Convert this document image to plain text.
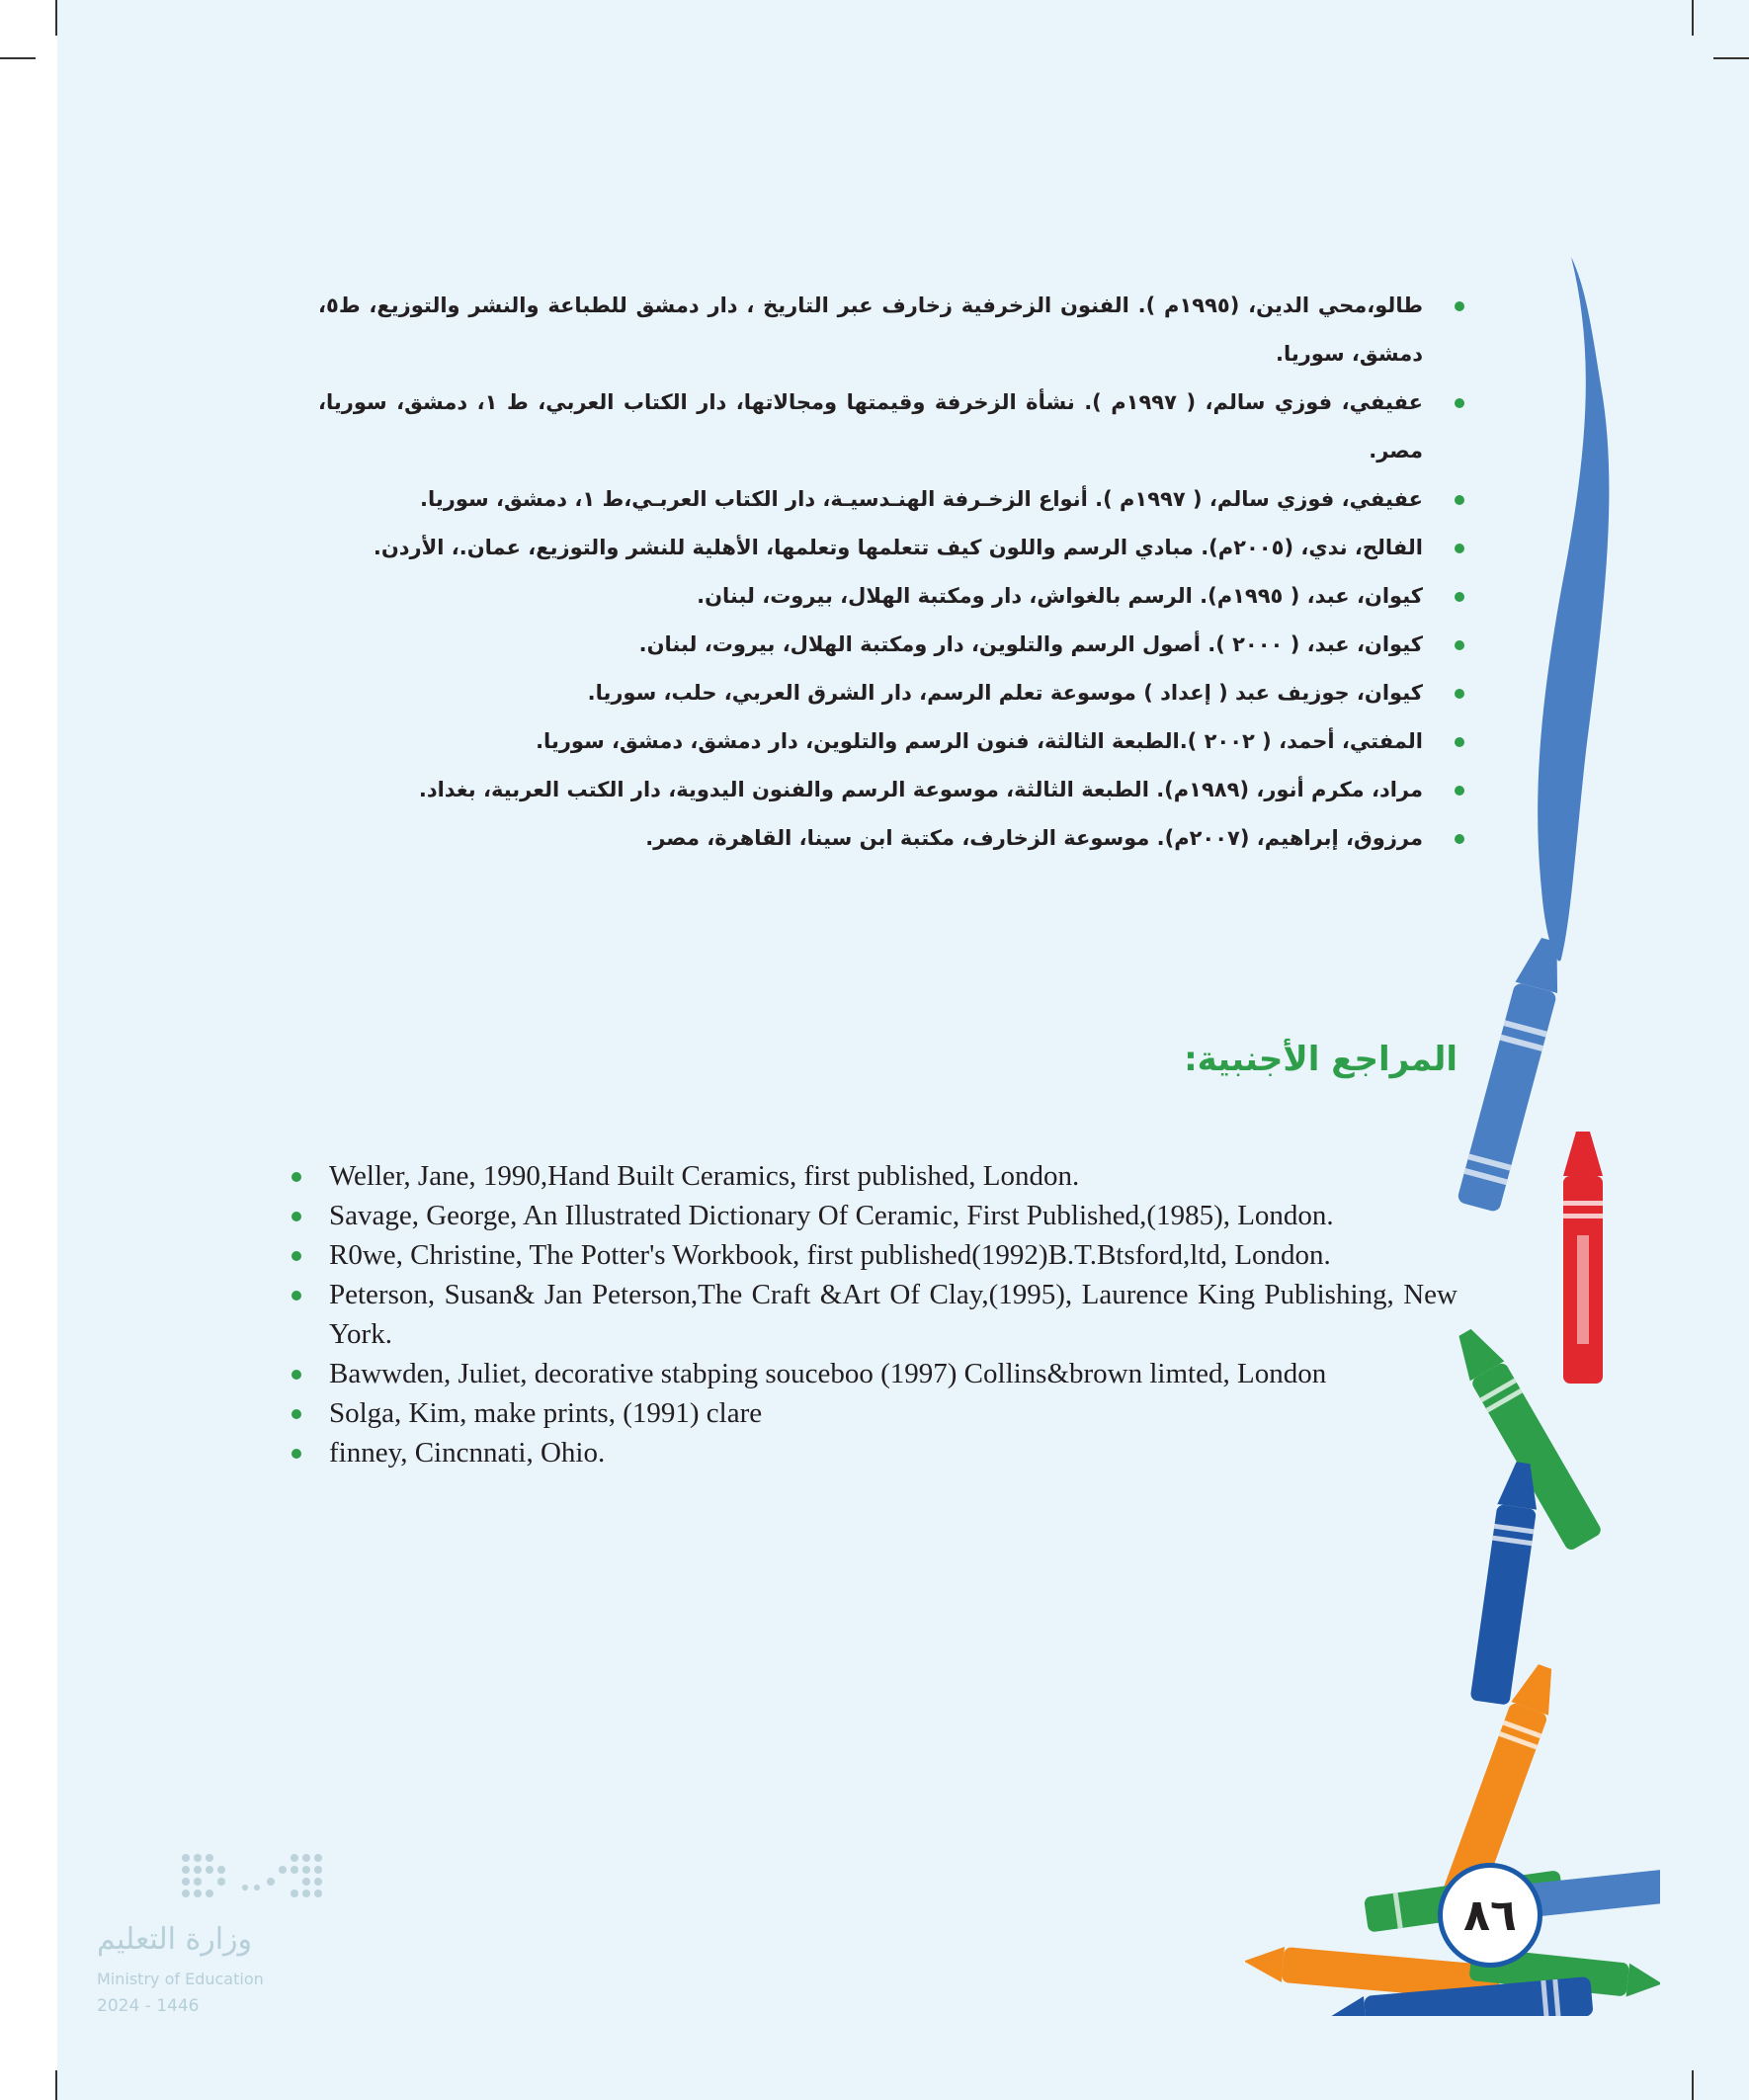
طالو،محي الدين، (١٩٩٥م ). الفنون الزخرفية زخارف عبر التاريخ ، دار دمشق للطباعة والنشر والتوزيع، ط٥، دمشق، سوريا.
عفيفي، فوزي سالم، ( ١٩٩٧م ). نشأة الزخرفة وقيمتها ومجالاتها، دار الكتاب العربي، ط ١، دمشق، سوريا، مصر.
عفيفي، فوزي سالم، ( ١٩٩٧م ). أنواع الزخـرفة الهنـدسيـة، دار الكتاب العربـي،ط ١، دمشق، سوريا.
الفالح، ندي، (٢٠٠٥م). مبادي الرسم واللون كيف تتعلمها وتعلمها، الأهلية للنشر والتوزيع، عمان.، الأردن.
كيوان، عبد، ( ١٩٩٥م). الرسم بالغواش، دار ومكتبة الهلال، بيروت، لبنان.
كيوان، عبد، ( ٢٠٠٠ ). أصول الرسم والتلوين، دار ومكتبة الهلال، بيروت، لبنان.
كيوان، جوزيف عبد ( إعداد ) موسوعة تعلم الرسم، دار الشرق العربي، حلب، سوريا.
المفتي، أحمد، ( ٢٠٠٢ ).الطبعة الثالثة، فنون الرسم والتلوين، دار دمشق، دمشق، سوريا.
مراد، مكرم أنور، (١٩٨٩م). الطبعة الثالثة، موسوعة الرسم والفنون اليدوية، دار الكتب العربية، بغداد.
مرزوق، إبراهيم، (٢٠٠٧م). موسوعة الزخارف، مكتبة ابن سينا، القاهرة، مصر.
المراجع الأجنبية:
Weller, Jane, 1990,Hand Built Ceramics, first published, London.
Savage, George, An Illustrated Dictionary Of Ceramic, First Published,(1985), London.
R0we, Christine, The Potter's Workbook, first published(1992)B.T.Btsford,ltd, London.
Peterson, Susan& Jan Peterson,The Craft &Art Of Clay,(1995), Laurence King Publishing, New York.
Bawwden, Juliet, decorative stabping souceboo (1997) Collins&brown limted, London
Solga, Kim, make prints, (1991) clare
finney, Cincnnati, Ohio.
٨٦
وزارة التعليم
Ministry of Education
2024 - 1446
